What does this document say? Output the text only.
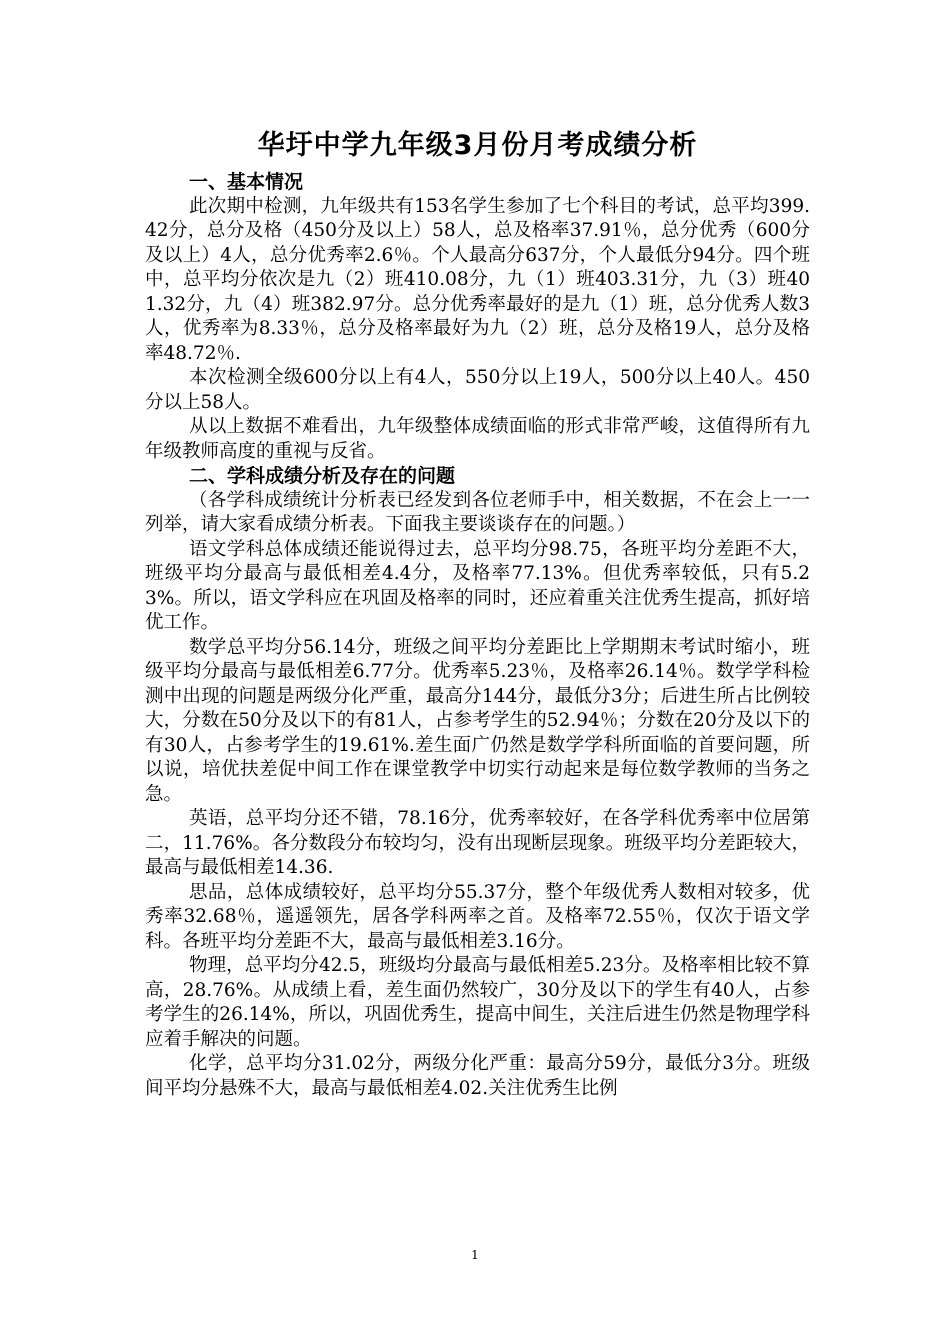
华圩中学九年级3月份月考成绩分析

一、基本情况

此次期中检测，九年级共有153名学生参加了七个科目的考试，总平均399.42分，总分及格（450分及以上）58人，总及格率37.91％，总分优秀（600分及以上）4人，总分优秀率2.6％。个人最高分637分，个人最低分94分。四个班中，总平均分依次是九（2）班410.08分，九（1）班403.31分，九（3）班401.32分，九（4）班382.97分。总分优秀率最好的是九（1）班，总分优秀人数3人，优秀率为8.33％，总分及格率最好为九（2）班，总分及格19人，总分及格率48.72％.

本次检测全级600分以上有4人，550分以上19人，500分以上40人。450分以上58人。

从以上数据不难看出，九年级整体成绩面临的形式非常严峻，这值得所有九年级教师高度的重视与反省。

二、学科成绩分析及存在的问题

（各学科成绩统计分析表已经发到各位老师手中，相关数据，不在会上一一列举，请大家看成绩分析表。下面我主要谈谈存在的问题。）

语文学科总体成绩还能说得过去，总平均分98.75，各班平均分差距不大，班级平均分最高与最低相差4.4分，及格率77.13%。但优秀率较低，只有5.23%。所以，语文学科应在巩固及格率的同时，还应着重关注优秀生提高，抓好培优工作。

数学总平均分56.14分，班级之间平均分差距比上学期期末考试时缩小，班级平均分最高与最低相差6.77分。优秀率5.23％，及格率26.14％。数学学科检测中出现的问题是两级分化严重，最高分144分，最低分3分；后进生所占比例较大，分数在50分及以下的有81人，占参考学生的52.94％；分数在20分及以下的有30人，占参考学生的19.61%.差生面广仍然是数学学科所面临的首要问题，所以说，培优扶差促中间工作在课堂教学中切实行动起来是每位数学教师的当务之急。

英语，总平均分还不错，78.16分，优秀率较好，在各学科优秀率中位居第二，11.76%。各分数段分布较均匀，没有出现断层现象。班级平均分差距较大，最高与最低相差14.36.

思品，总体成绩较好，总平均分55.37分，整个年级优秀人数相对较多，优秀率32.68％，遥遥领先，居各学科两率之首。及格率72.55％，仅次于语文学科。各班平均分差距不大，最高与最低相差3.16分。

物理，总平均分42.5，班级均分最高与最低相差5.23分。及格率相比较不算高，28.76%。从成绩上看，差生面仍然较广，30分及以下的学生有40人，占参考学生的26.14%，所以，巩固优秀生，提高中间生，关注后进生仍然是物理学科应着手解决的问题。

化学，总平均分31.02分，两级分化严重：最高分59分，最低分3分。班级间平均分悬殊不大，最高与最低相差4.02.关注优秀生比例

1
